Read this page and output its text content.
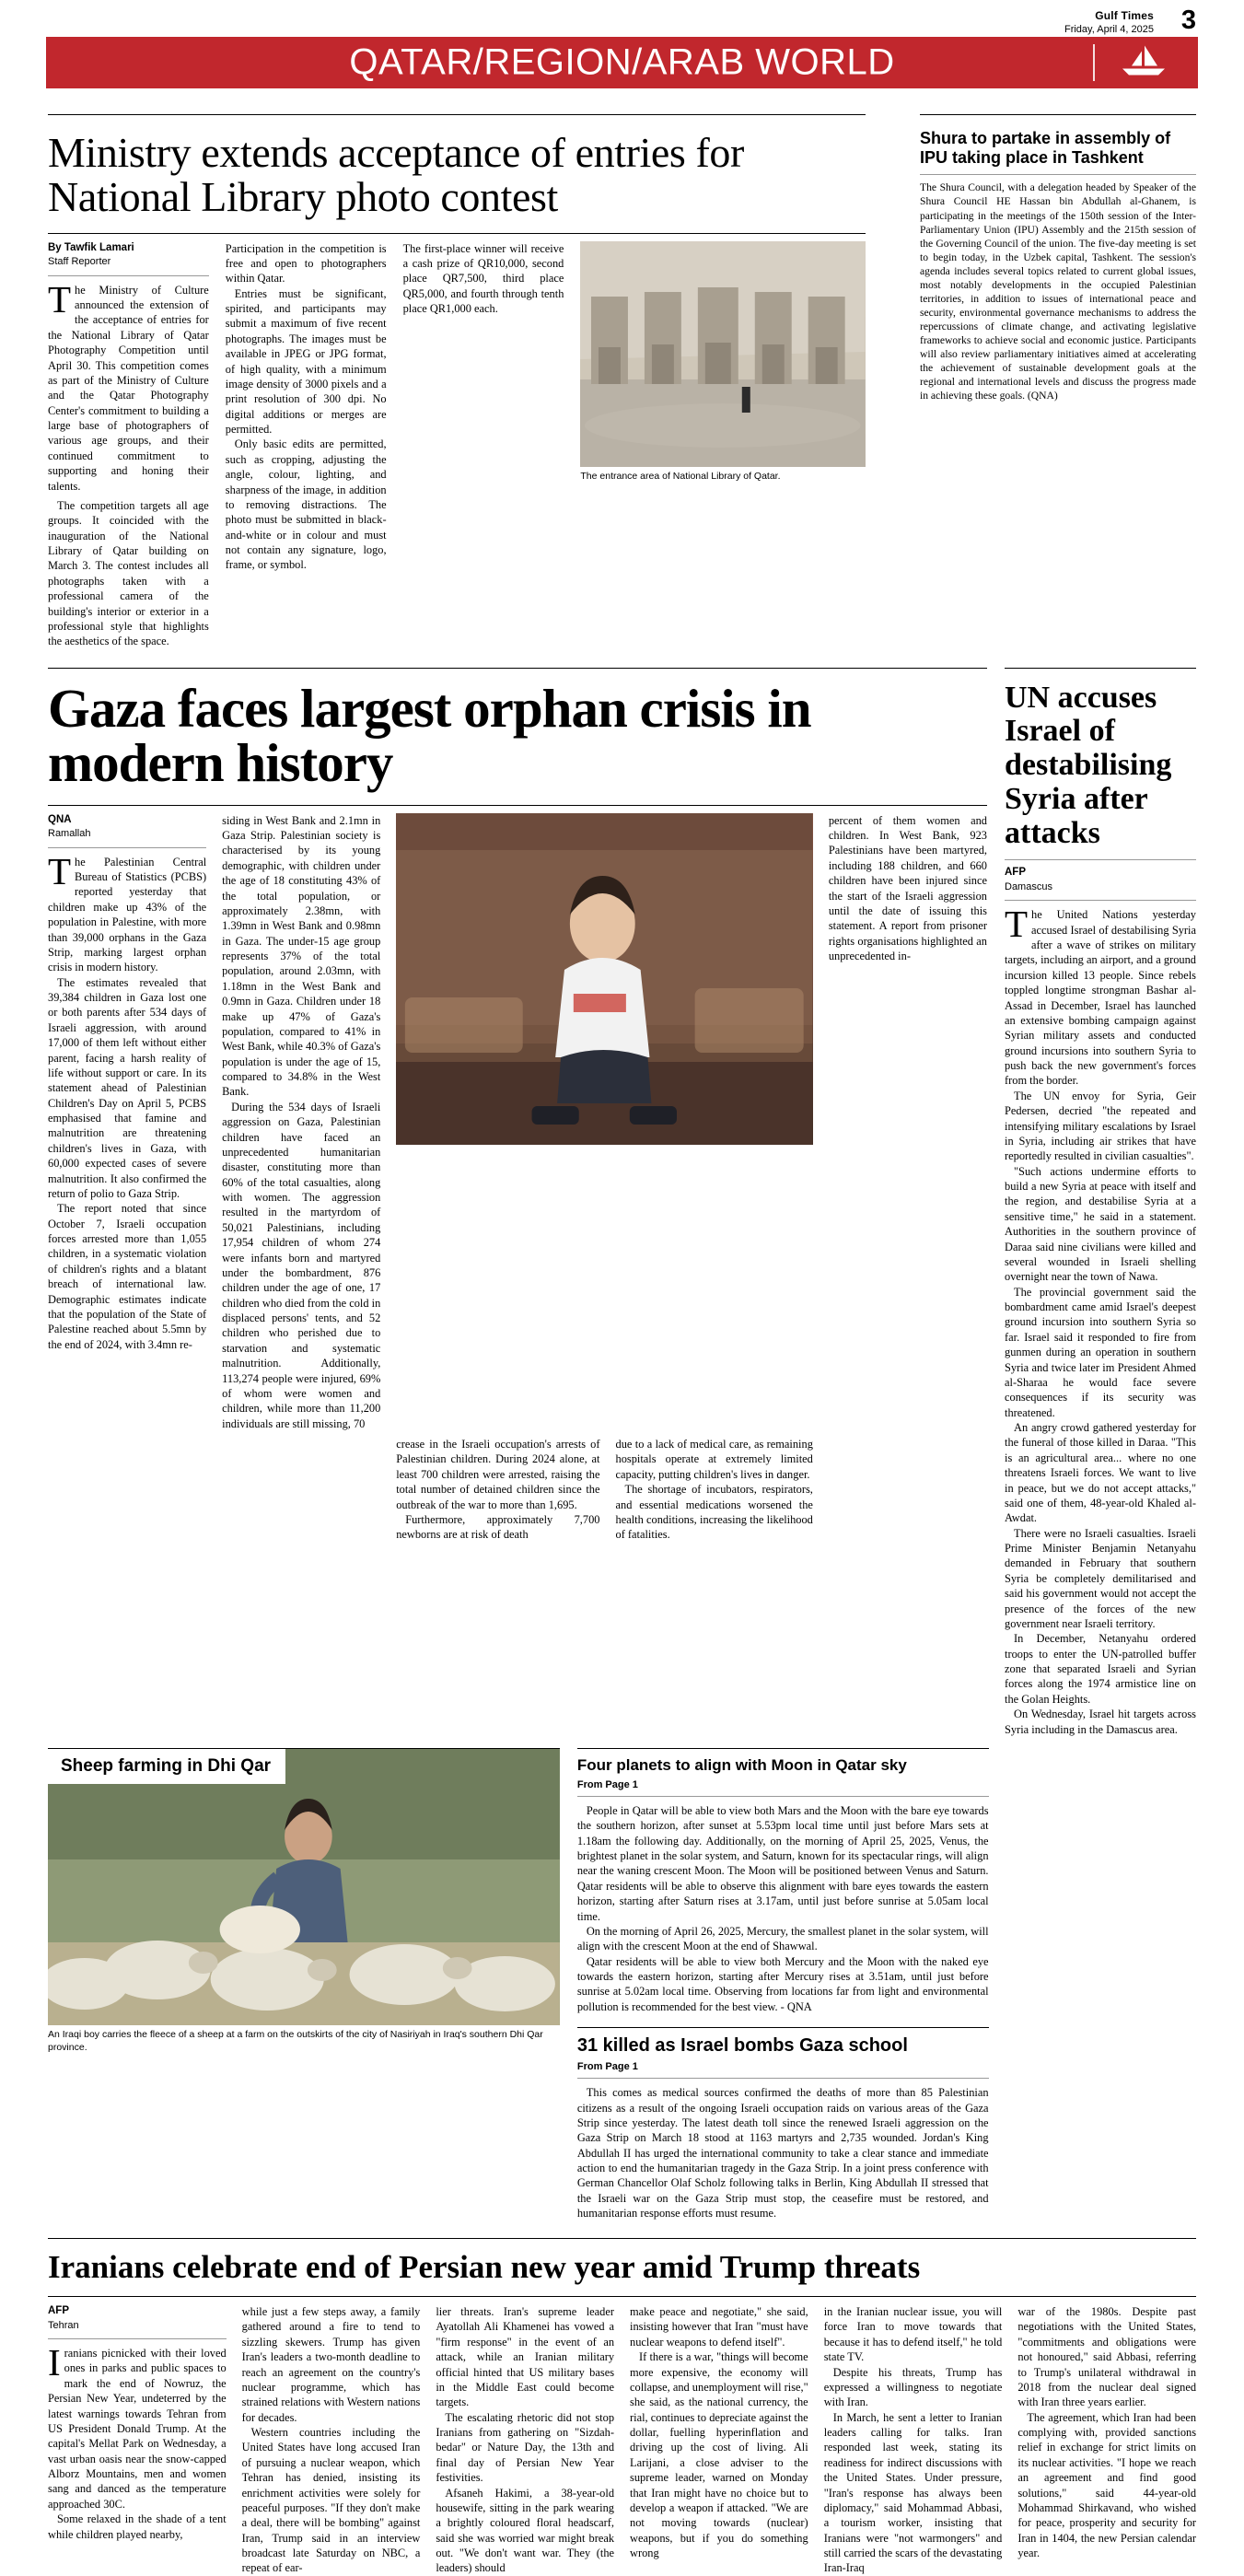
Gulf Times
Friday, April 4, 2025 3
QATAR/REGION/ARAB WORLD
Ministry extends acceptance of entries for National Library photo contest
By Tawfik Lamari
Staff Reporter

The Ministry of Culture announced the extension of the acceptance of entries for the National Library of Qatar Photography Competition until April 30. This competition comes as part of the Ministry of Culture and the Qatar Photography Center's commitment to building a large base of photographers of various age groups, and their continued commitment to supporting and honing their talents.

The competition targets all age groups. It coincided with the inauguration of the National Library of Qatar building on March 3. The contest includes all photographs taken with a professional camera of the building's interior or exterior in a professional style that highlights the aesthetics of the space.

Participation in the competition is free and open to photographers within Qatar.

Entries must be significant, spirited, and participants may submit a maximum of five recent photographs. The images must be available in JPEG or JPG format, of high quality, with a minimum image density of 3000 pixels and a print resolution of 300 dpi. No digital additions or merges are permitted.

Only basic edits are permitted, such as cropping, adjusting the angle, colour, lighting, and sharpness of the image, in addition to removing distractions. The photo must be submitted in black-and-white or in colour and must not contain any signature, logo, frame, or symbol.

The first-place winner will receive a cash prize of QR10,000, second place QR7,500, third place QR5,000, and fourth through tenth place QR1,000 each.

The entrance area of National Library of Qatar.
Shura to partake in assembly of IPU taking place in Tashkent
The Shura Council, with a delegation headed by Speaker of the Shura Council HE Hassan bin Abdullah al-Ghanem, is participating in the meetings of the 150th session of the Inter-Parliamentary Union (IPU) Assembly and the 215th session of the Governing Council of the union. The five-day meeting is set to begin today, in the Uzbek capital, Tashkent. The session's agenda includes several topics related to current global issues, most notably developments in the occupied Palestinian territories, in addition to issues of international peace and security, environmental governance mechanisms to address the repercussions of climate change, and activating legislative frameworks to achieve social and economic justice. Participants will also review parliamentary initiatives aimed at accelerating the achievement of sustainable development goals at the regional and international levels and discuss the progress made in achieving these goals. (QNA)
Gaza faces largest orphan crisis in modern history
QNA
Ramallah

The Palestinian Central Bureau of Statistics (PCBS) reported yesterday that children make up 43% of the population in Palestine, with more than 39,000 orphans in the Gaza Strip, marking largest orphan crisis in modern history.

The estimates revealed that 39,384 children in Gaza lost one or both parents after 534 days of Israeli aggression, with around 17,000 of them left without either parent, facing a harsh reality of life without support or care. In its statement ahead of Palestinian Children's Day on April 5, PCBS emphasised that famine and malnutrition are threatening children's lives in Gaza, with 60,000 expected cases of severe malnutrition. It also confirmed the return of polio to Gaza Strip.

The report noted that since October 7, Israeli occupation forces arrested more than 1,055 children, in a systematic violation of children's rights and a blatant breach of international law. Demographic estimates indicate that the population of the State of Palestine reached about 5.5mn by the end of 2024, with 3.4mn re-

siding in West Bank and 2.1mn in Gaza Strip. Palestinian society is characterised by its young demographic, with children under the age of 18 constituting 43% of the total population, or approximately 2.38mn, with 1.39mn in West Bank and 0.98mn in Gaza. The under-15 age group represents 37% of the total population, around 2.03mn, with 1.18mn in the West Bank and 0.9mn in Gaza. Children under 18 make up 47% of Gaza's population, compared to 41% in West Bank, while 40.3% of Gaza's population is under the age of 15, compared to 34.8% in the West Bank.

During the 534 days of Israeli aggression on Gaza, Palestinian children have faced an unprecedented humanitarian disaster, constituting more than 60% of the total casualties, along with women. The aggression resulted in the martyrdom of 50,021 Palestinians, including 17,954 children of whom 274 were infants born and martyred under the bombardment, 876 children under the age of one, 17 children who died from the cold in displaced persons' tents, and 52 children who perished due to starvation and systematic malnutrition. Additionally, 113,274 people were injured, 69% of whom were women and children, while more than 11,200 individuals are still missing, 70

percent of them women and children. In West Bank, 923 Palestinians have been martyred, including 188 children, and 660 children have been injured since the start of the Israeli aggression until the date of issuing this statement. A report from prisoner rights organisations highlighted an unprecedented in-

crease in the Israeli occupation's arrests of Palestinian children. During 2024 alone, at least 700 children were arrested, raising the total number of detained children since the outbreak of the war to more than 1,695.

Furthermore, approximately 7,700 newborns are at risk of death

due to a lack of medical care, as remaining hospitals operate at extremely limited capacity, putting children's lives in danger.

The shortage of incubators, respirators, and essential medications worsened the health conditions, increasing the likelihood of fatalities.

UN accuses Israel of destabilising Syria after attacks
AFP
Damascus

The United Nations yesterday accused Israel of destabilising Syria after a wave of strikes on military targets, including an airport, and a ground incursion killed 13 people. Since rebels toppled longtime strongman Bashar al-Assad in December, Israel has launched an extensive bombing campaign against Syrian military assets and conducted ground incursions into southern Syria to push back the new government's forces from the border.

The UN envoy for Syria, Geir Pedersen, decried "the repeated and intensifying military escalations by Israel in Syria, including air strikes that have reportedly resulted in civilian casualties".

"Such actions undermine efforts to build a new Syria at peace with itself and the region, and destabilise Syria at a sensitive time," he said in a statement. Authorities in the southern province of Daraa said nine civilians were killed and several wounded in Israeli shelling overnight near the town of Nawa.

The provincial government said the bombardment came amid Israel's deepest ground incursion into southern Syria so far. Israel said it responded to fire from gunmen during an operation in southern Syria and twice later im President Ahmed al-Sharaa he would face severe consequences if its security was threatened.

An angry crowd gathered yesterday for the funeral of those killed in Daraa. "This is an agricultural area... where no one threatens Israeli forces. We want to live in peace, but we do not accept attacks," said one of them, 48-year-old Khaled al-Awdat.

There were no Israeli casualties. Israeli Prime Minister Benjamin Netanyahu demanded in February that southern Syria be completely demilitarised and said his government would not accept the presence of the forces of the new government near Israeli territory.

In December, Netanyahu ordered troops to enter the UN-patrolled buffer zone that separated Israeli and Syrian forces along the 1974 armistice line on the Golan Heights.

On Wednesday, Israel hit targets across Syria including in the Damascus area.

Sheep farming in Dhi Qar
An Iraqi boy carries the fleece of a sheep at a farm on the outskirts of the city of Nasiriyah in Iraq's southern Dhi Qar province.
Four planets to align with Moon in Qatar sky
From Page 1

People in Qatar will be able to view both Mars and the Moon with the bare eye towards the southern horizon, after sunset at 5.53pm local time until just before Mars sets at 1.18am the following day. Additionally, on the morning of April 25, 2025, Venus, the brightest planet in the solar system, and Saturn, known for its spectacular rings, will align near the waning crescent Moon. The Moon will be positioned between Venus and Saturn. Qatar residents will be able to observe this alignment with bare eyes towards the eastern horizon, starting after Saturn rises at 3.17am, until just before sunrise at 5.05am local time.

On the morning of April 26, 2025, Mercury, the smallest planet in the solar system, will align with the crescent Moon at the end of Shawwal.

Qatar residents will be able to view both Mercury and the Moon with the naked eye towards the eastern horizon, starting after Mercury rises at 3.51am, until just before sunrise at 5.02am local time. Observing from locations far from light and environmental pollution is recommended for the best view. - QNA

31 killed as Israel bombs Gaza school
From Page 1

This comes as medical sources confirmed the deaths of more than 85 Palestinian citizens as a result of the ongoing Israeli occupation raids on various areas of the Gaza Strip since yesterday. The latest death toll since the renewed Israeli aggression on the Gaza Strip on March 18 stood at 1163 martyrs and 2,735 wounded. Jordan's King Abdullah II has urged the international community to take a clear stance and immediate action to end the humanitarian tragedy in the Gaza Strip. In a joint press conference with German Chancellor Olaf Scholz following talks in Berlin, King Abdullah II stressed that the Israeli war on the Gaza Strip must stop, the ceasefire must be restored, and humanitarian response efforts must resume.

Iranians celebrate end of Persian new year amid Trump threats
AFP
Tehran

Iranians picnicked with their loved ones in parks and public spaces to mark the end of Nowruz, the Persian New Year, undeterred by the latest warnings towards Tehran from US President Donald Trump. At the capital's Mellat Park on Wednesday, a vast urban oasis near the snow-capped Alborz Mountains, men and women sang and danced as the temperature approached 30C.

Some relaxed in the shade of a tent while children played nearby,

while just a few steps away, a family gathered around a fire to tend to sizzling skewers. Trump has given Iran's leaders a two-month deadline to reach an agreement on the country's nuclear programme, which has strained relations with Western nations for decades.

Western countries including the United States have long accused Iran of pursuing a nuclear weapon, which Tehran has denied, insisting its enrichment activities were solely for peaceful purposes. "If they don't make a deal, there will be bombing" against Iran, Trump said in an interview broadcast late Saturday on NBC, a repeat of ear-

lier threats. Iran's supreme leader Ayatollah Ali Khamenei has vowed a "firm response" in the event of an attack, while an Iranian military official hinted that US military bases in the Middle East could become targets.

The escalating rhetoric did not stop Iranians from gathering on "Sizdah-bedar" or Nature Day, the 13th and final day of Persian New Year festivities.

Afsaneh Hakimi, a 38-year-old housewife, sitting in the park wearing a brightly coloured floral headscarf, said she was worried war might break out. "We don't want war. They (the leaders) should

make peace and negotiate," she said, insisting however that Iran "must have nuclear weapons to defend itself".

If there is a war, "things will become more expensive, the economy will collapse, and unemployment will rise," she said, as the national currency, the rial, continues to depreciate against the dollar, fuelling hyperinflation and driving up the cost of living. Ali Larijani, a close adviser to the supreme leader, warned on Monday that Iran might have no choice but to develop a weapon if attacked. "We are not moving towards (nuclear) weapons, but if you do something wrong

in the Iranian nuclear issue, you will force Iran to move towards that because it has to defend itself," he told state TV.

Despite his threats, Trump has expressed a willingness to negotiate with Iran.

In March, he sent a letter to Iranian leaders calling for talks. Iran responded last week, stating its readiness for indirect discussions with the United States. Under pressure, "Iran's response has always been diplomacy," said Mohammad Abbasi, a tourism worker, insisting that Iranians were "not warmongers" and still carried the scars of the devastating Iran-Iraq

war of the 1980s. Despite past negotiations with the United States, "commitments and obligations were not honoured," said Abbasi, referring to Trump's unilateral withdrawal in 2018 from the nuclear deal signed with Iran three years earlier.

The agreement, which Iran had been complying with, provided sanctions relief in exchange for strict limits on its nuclear activities. "I hope we reach an agreement and find good solutions," said 44-year-old Mohammad Shirkavand, who wished for peace, prosperity and security for Iran in 1404, the new Persian calendar year.
